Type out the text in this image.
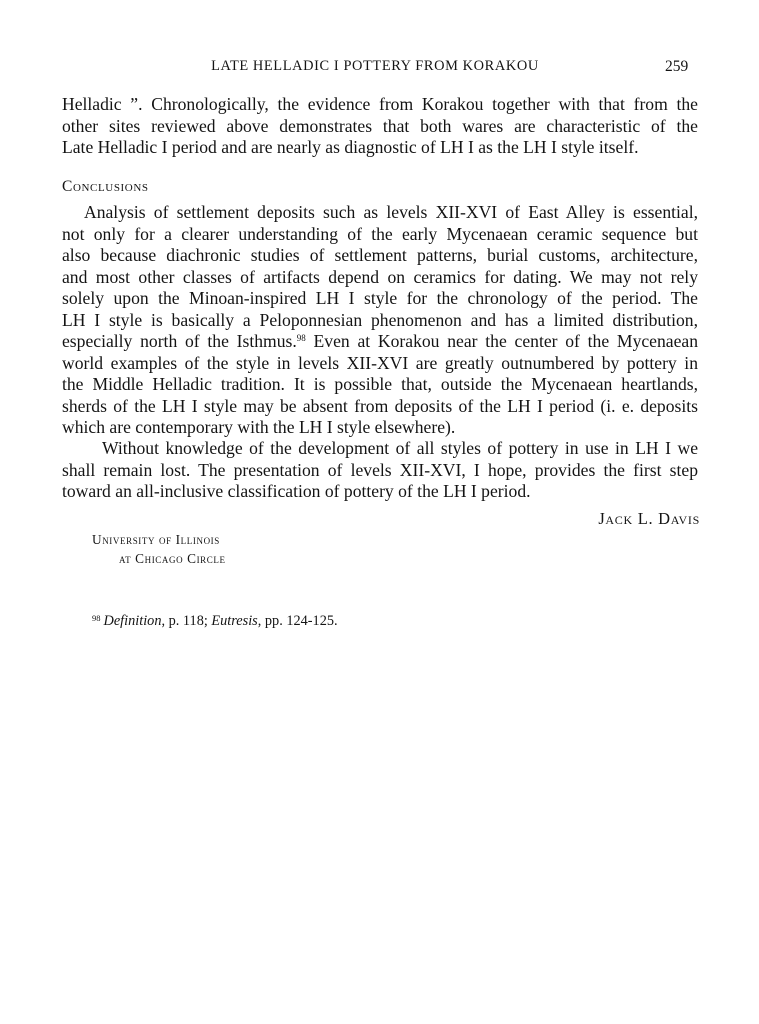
LATE HELLADIC I POTTERY FROM KORAKOU	259

Helladic ”. Chronologically, the evidence from Korakou together with that from the

other sites reviewed above demonstrates that both wares are characteristic of the

Late Helladic I period and are nearly as diagnostic of LH I as the LH I style itself.

Conclusions

Analysis of settlement deposits such as levels XII-XVI of East Alley is essential,

not only for a clearer understanding of the early Mycenaean ceramic sequence but

also because diachronic studies of settlement patterns, burial customs, architecture,

and most other classes of artifacts depend on ceramics for dating. We may not rely

solely upon the Minoan-inspired LH I style for the chronology of the period. The

LH I style is basically a Peloponnesian phenomenon and has a limited distribution,

especially north of the Isthmus.$^{98}$ Even at Korakou near the center of the Mycenaean

world examples of the style in levels XII-XVI are greatly outnumbered by pottery in

the Middle Helladic tradition. It is possible that, outside the Mycenaean heartlands,

sherds of the LH I style may be absent from deposits of the LH I period (i. e. deposits

which are contemporary with the LH I style elsewhere).

Without knowledge of the development of all styles of pottery in use in LH I we

shall remain lost. The presentation of levels XII-XVI, I hope, provides the first step

toward an all-inclusive classification of pottery of the LH I period.

Jack L. Davis
University of Illinois
at Chicago Circle
$^{98}$ Definition, p. 118; Eutresis, pp. 124-125.
